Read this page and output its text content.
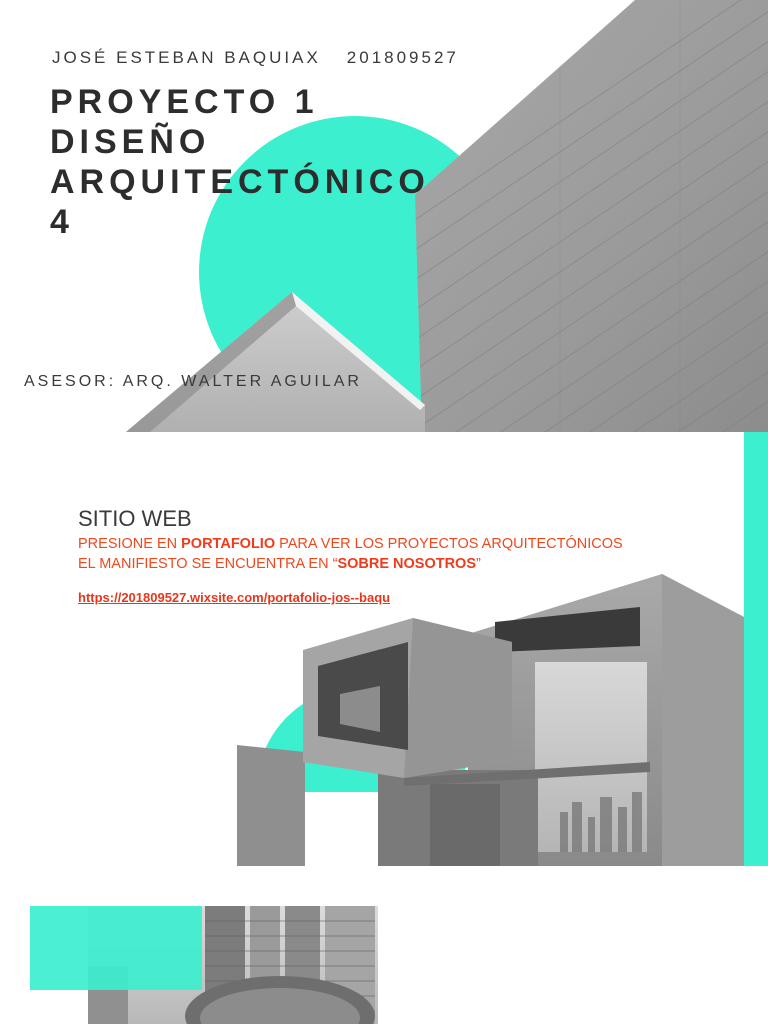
JOSÉ ESTEBAN BAQUIAX 201809527
PROYECTO 1
DISEÑO
ARQUITECTÓNICO
4
ASESOR: ARQ. WALTER AGUILAR
SITIO WEB
PRESIONE EN PORTAFOLIO PARA VER LOS PROYECTOS ARQUITECTÓNICOS
EL MANIFIESTO SE ENCUENTRA EN “SOBRE NOSOTROS”
https://201809527.wixsite.com/portafolio-jos--baqu
